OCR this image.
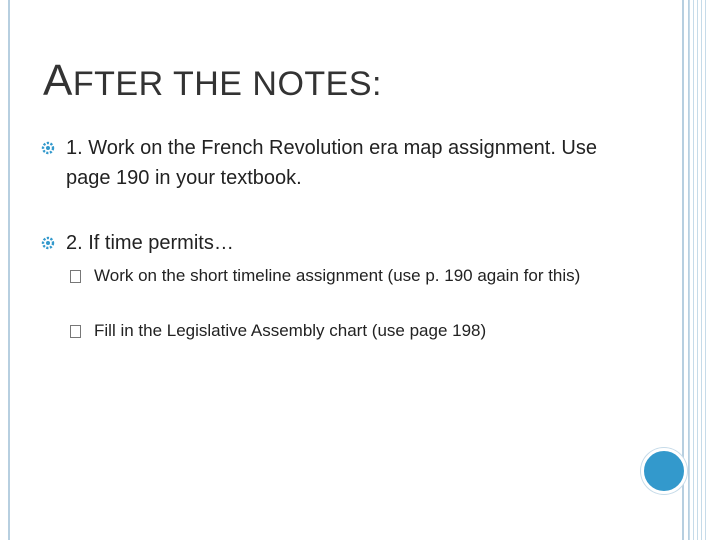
AFTER THE NOTES:
1. Work on the French Revolution era map assignment. Use page 190 in your textbook.
2. If time permits…
Work on the short timeline assignment (use p. 190 again for this)
Fill in the Legislative Assembly chart (use page 198)
